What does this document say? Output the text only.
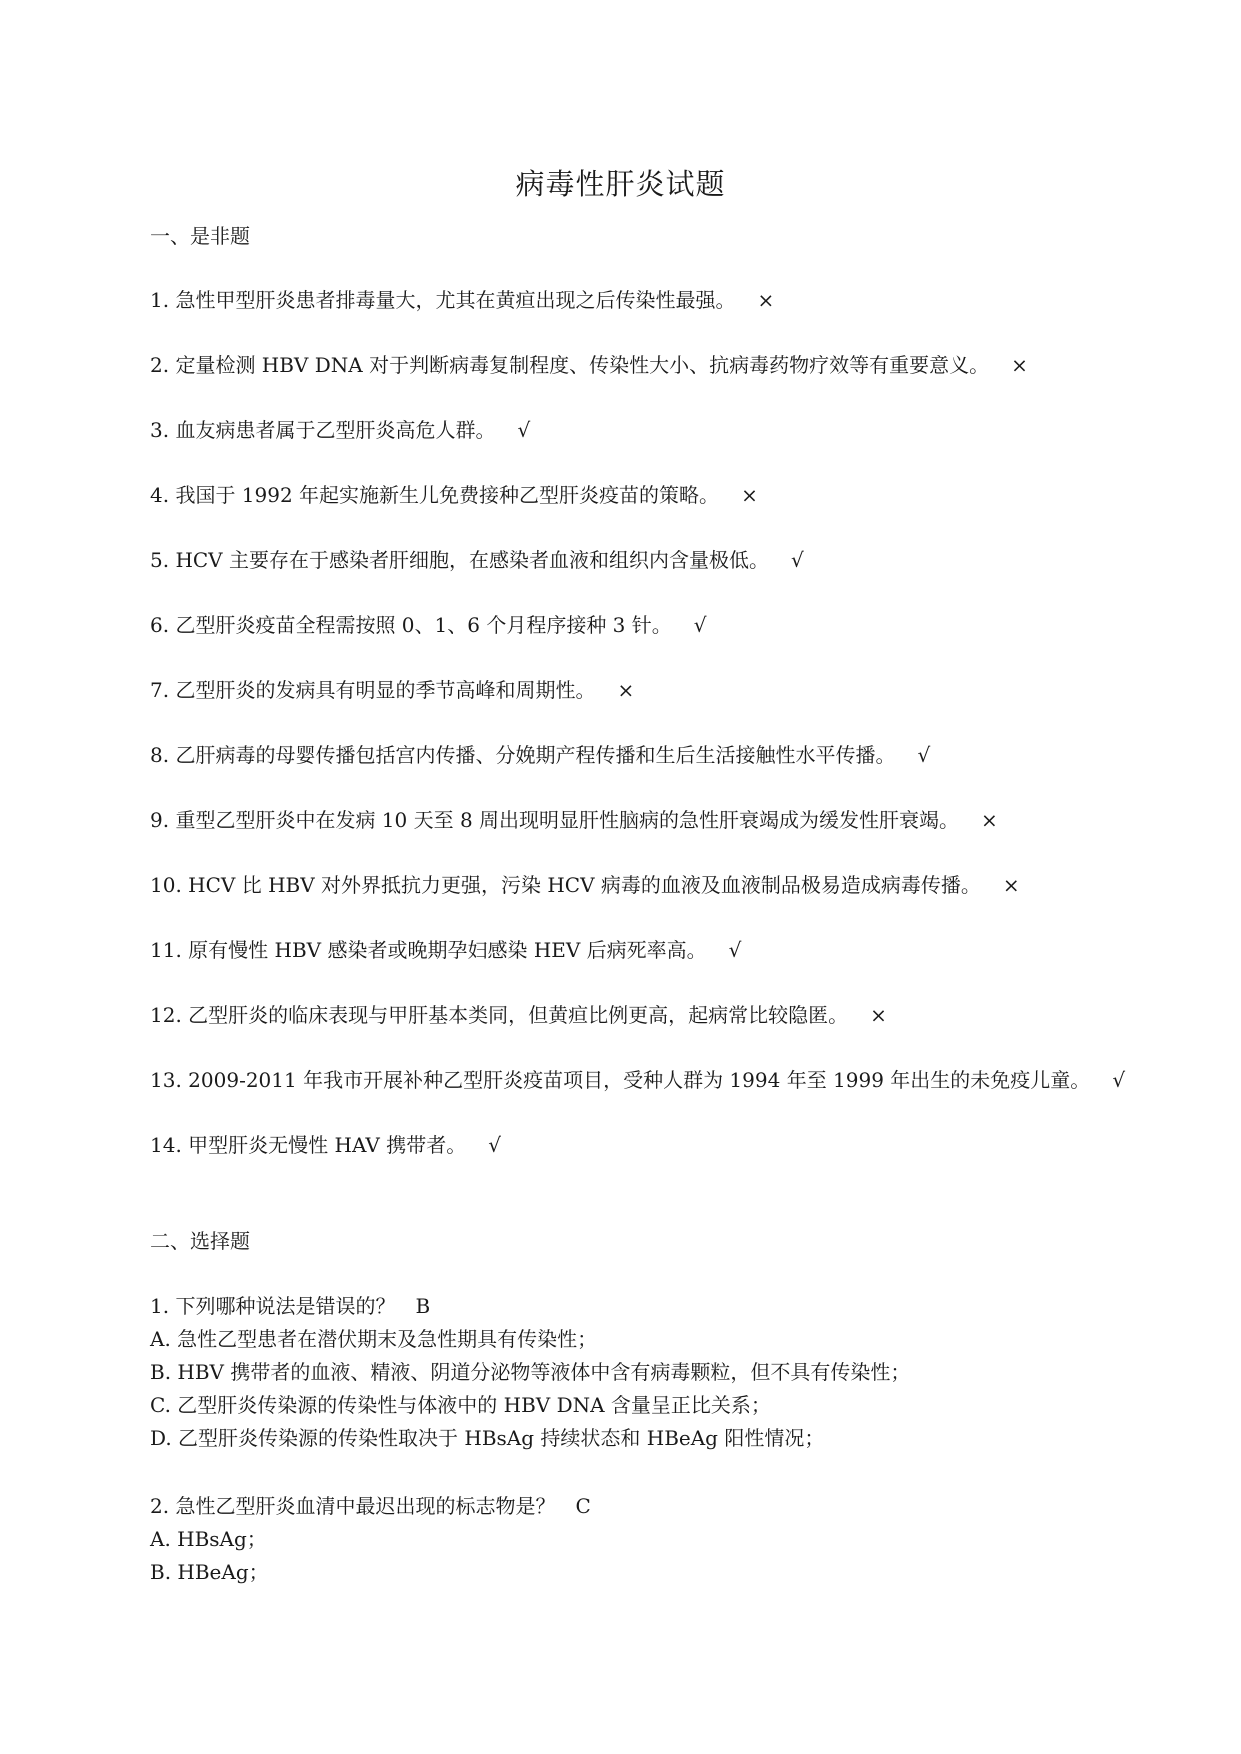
病毒性肝炎试题
一、是非题
1. 急性甲型肝炎患者排毒量大，尤其在黄疸出现之后传染性最强。 ×
2. 定量检测 HBV DNA 对于判断病毒复制程度、传染性大小、抗病毒药物疗效等有重要意义。 ×
3. 血友病患者属于乙型肝炎高危人群。 √
4. 我国于 1992 年起实施新生儿免费接种乙型肝炎疫苗的策略。 ×
5. HCV 主要存在于感染者肝细胞，在感染者血液和组织内含量极低。 √
6. 乙型肝炎疫苗全程需按照 0、1、6 个月程序接种 3 针。 √
7. 乙型肝炎的发病具有明显的季节高峰和周期性。 ×
8. 乙肝病毒的母婴传播包括宫内传播、分娩期产程传播和生后生活接触性水平传播。 √
9. 重型乙型肝炎中在发病 10 天至 8 周出现明显肝性脑病的急性肝衰竭成为缓发性肝衰竭。 ×
10. HCV 比 HBV 对外界抵抗力更强，污染 HCV 病毒的血液及血液制品极易造成病毒传播。 ×
11. 原有慢性 HBV 感染者或晚期孕妇感染 HEV 后病死率高。 √
12. 乙型肝炎的临床表现与甲肝基本类同，但黄疸比例更高，起病常比较隐匿。 ×
13. 2009-2011 年我市开展补种乙型肝炎疫苗项目，受种人群为 1994 年至 1999 年出生的未免疫儿童。 √
14. 甲型肝炎无慢性 HAV 携带者。 √
二、选择题
1. 下列哪种说法是错误的？ B
A. 急性乙型患者在潜伏期末及急性期具有传染性；
B. HBV 携带者的血液、精液、阴道分泌物等液体中含有病毒颗粒，但不具有传染性；
C. 乙型肝炎传染源的传染性与体液中的 HBV DNA 含量呈正比关系；
D. 乙型肝炎传染源的传染性取决于 HBsAg 持续状态和 HBeAg 阳性情况；
2. 急性乙型肝炎血清中最迟出现的标志物是？ C
A. HBsAg；
B. HBeAg；
